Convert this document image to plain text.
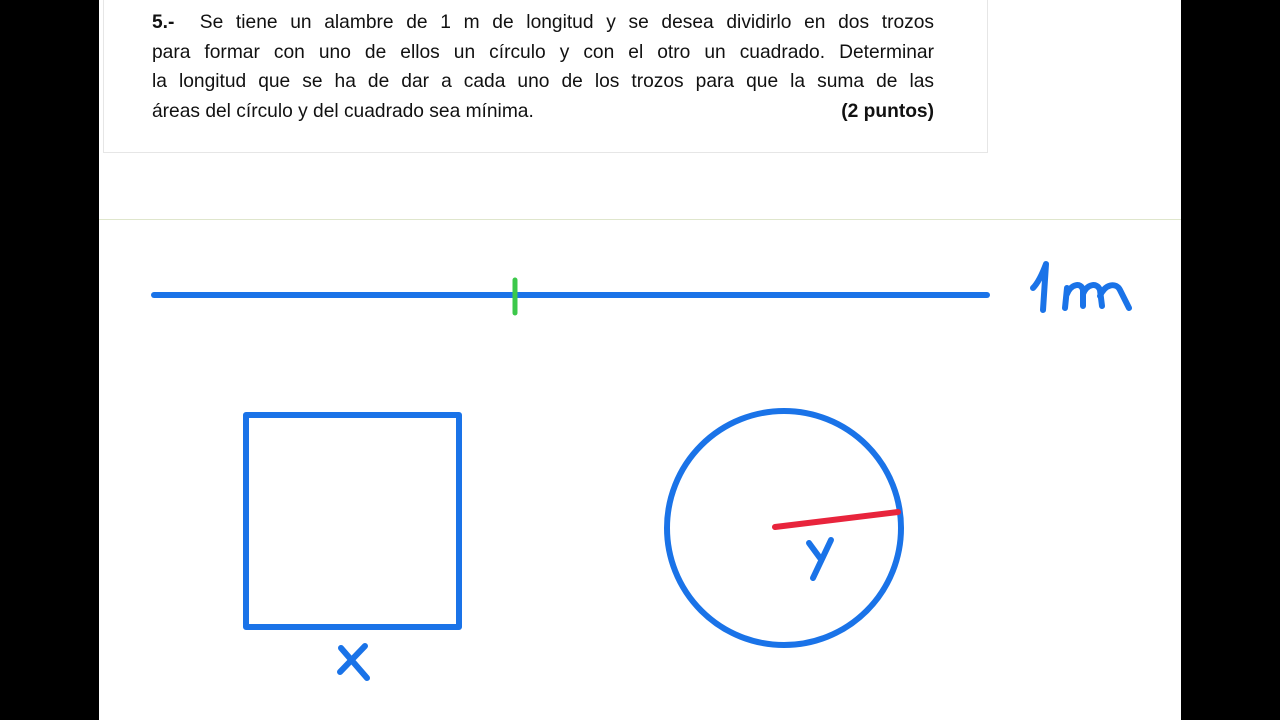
5.- Se tiene un alambre de 1 m de longitud y se desea dividirlo en dos trozos
para formar con uno de ellos un círculo y con el otro un cuadrado. Determinar
la longitud que se ha de dar a cada uno de los trozos para que la suma de las
áreas del círculo y del cuadrado sea mínima.	(2 puntos)
